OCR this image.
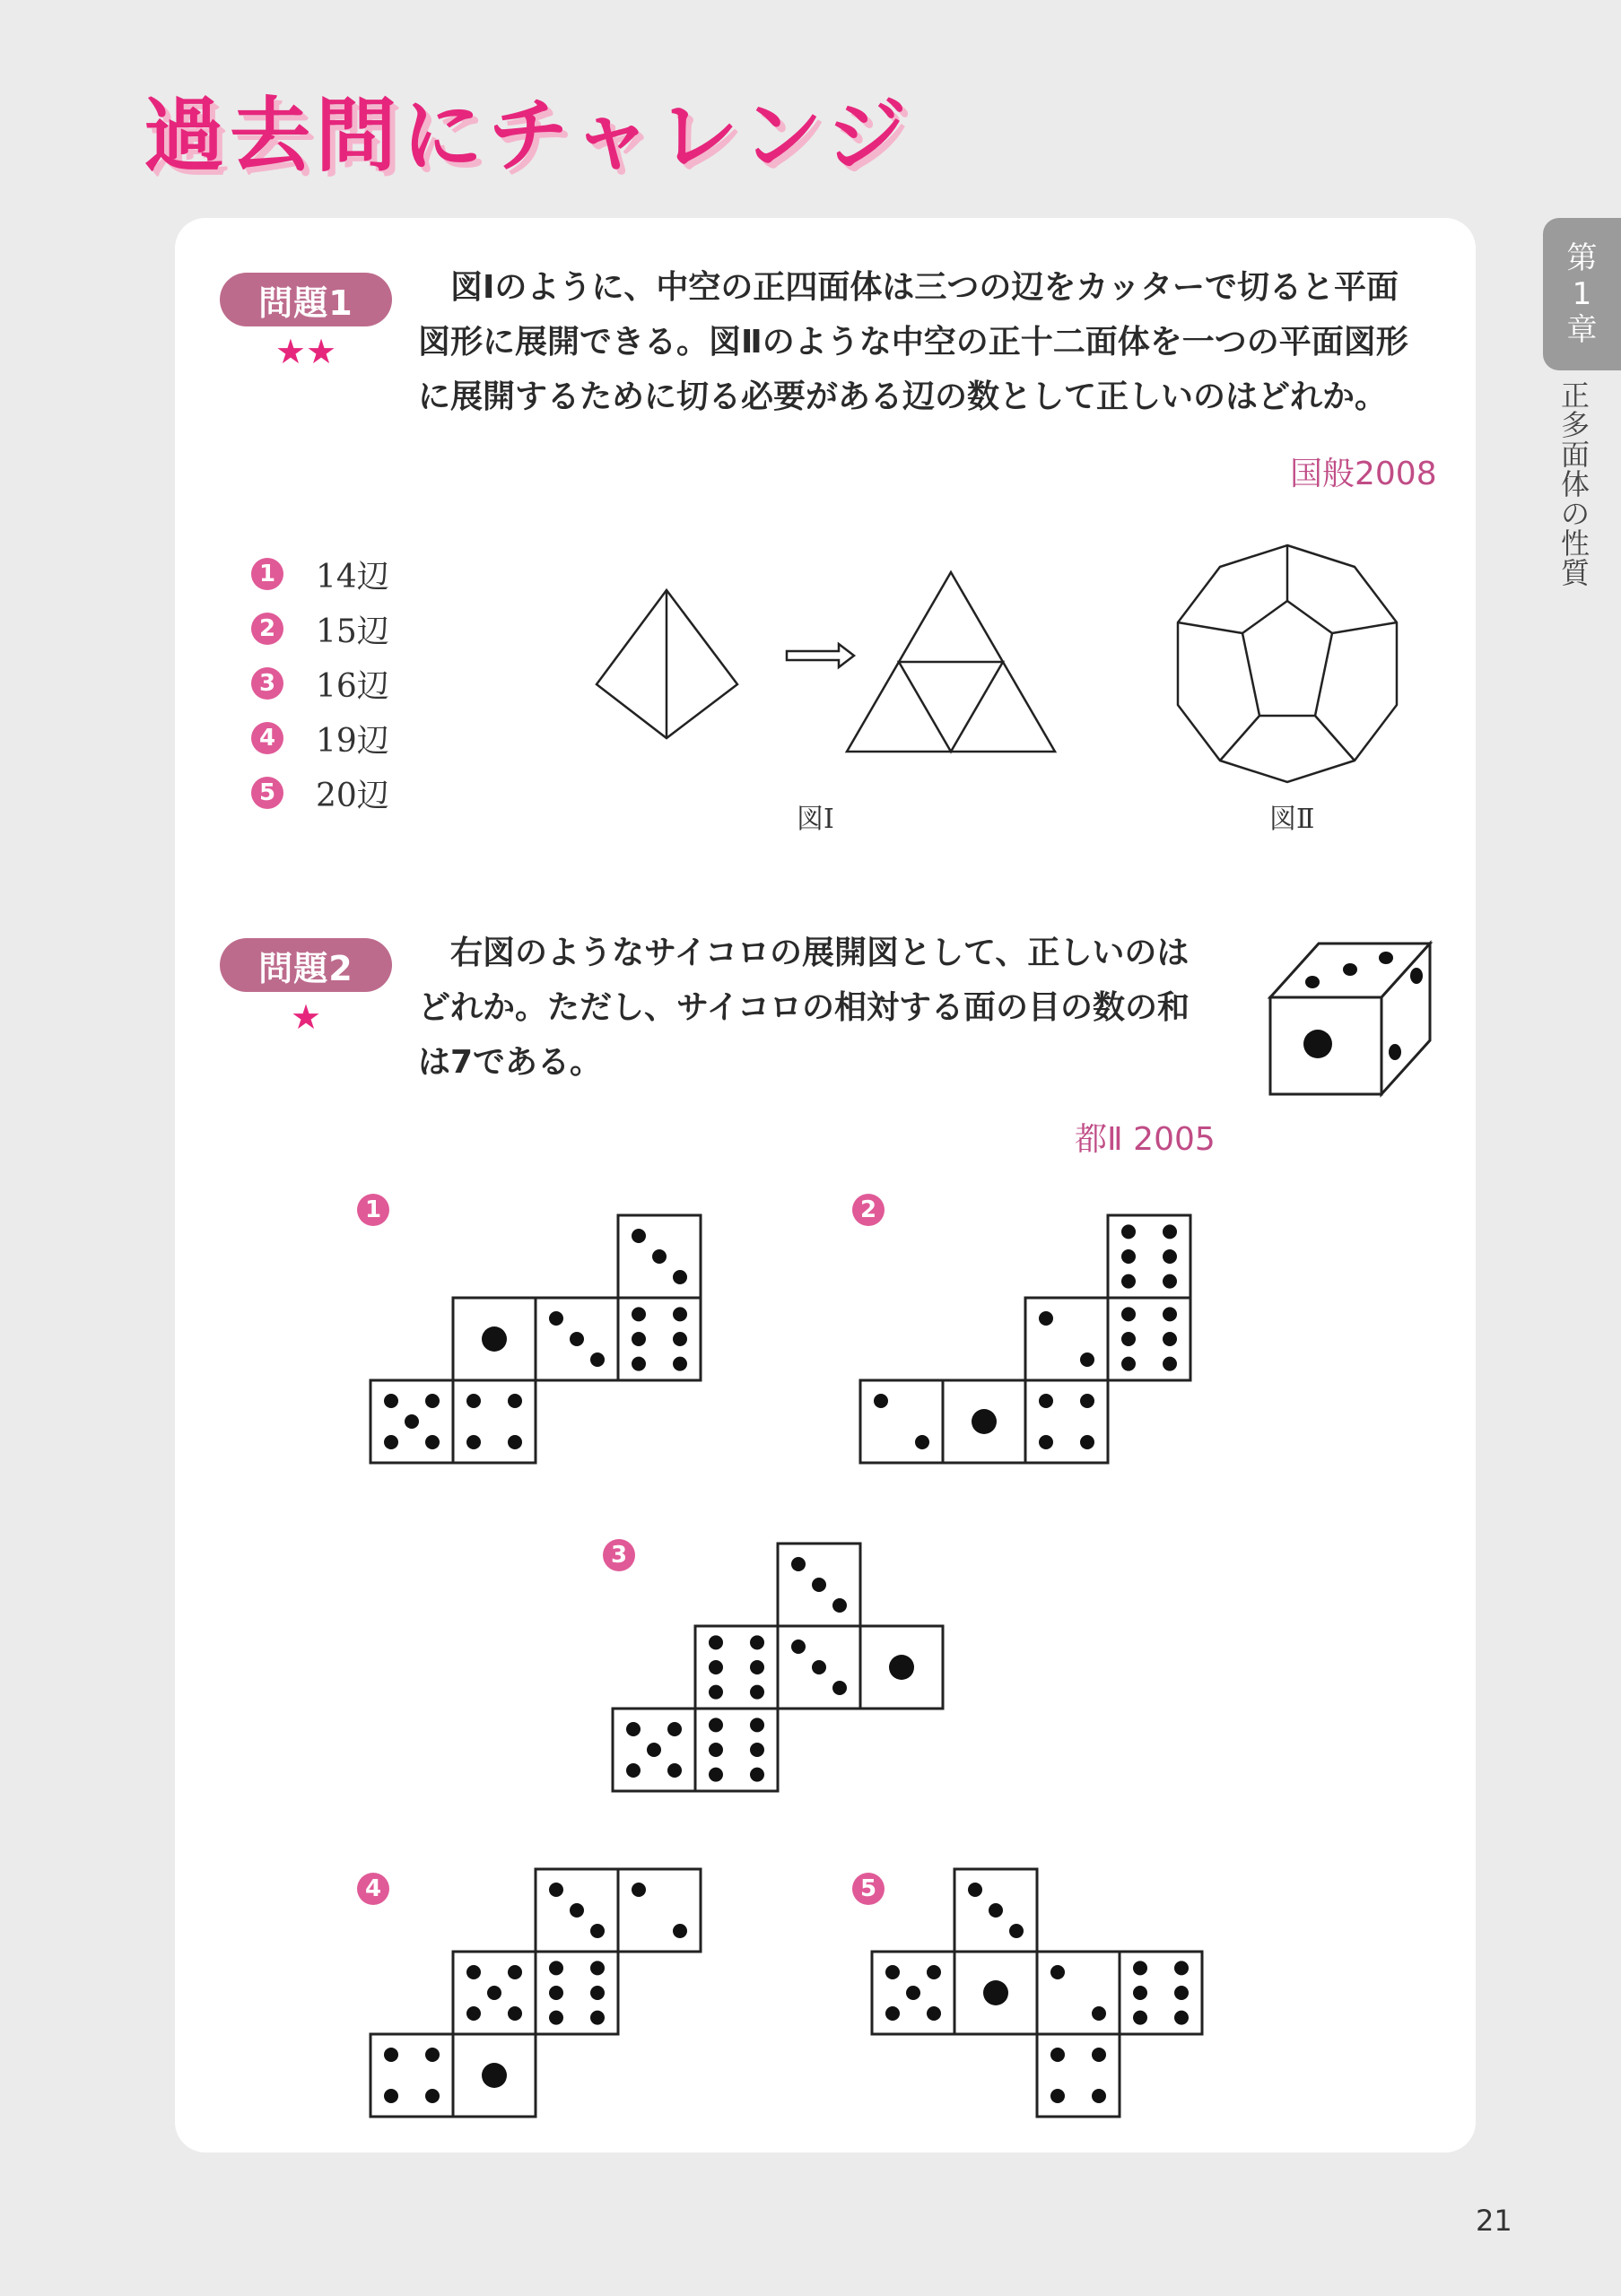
過去問にチャレンジ
第
1
章
正
多
面
体
の
性
質
問題1
★★

　図Ⅰのように、中空の正四面体は三つの辺をカッターで切ると平面

図形に展開できる。図Ⅱのような中空の正十二面体を一つの平面図形

に展開するために切る必要がある辺の数として正しいのはどれか。

国般2008
1 14辺
2 15辺
3 16辺
4 19辺
5 20辺
図Ⅰ	図Ⅱ
問題2
★

　右図のようなサイコロの展開図として、正しいのは

どれか。ただし、サイコロの相対する面の目の数の和

は7である。

都Ⅱ 2005
1	2
3
4	5
21
